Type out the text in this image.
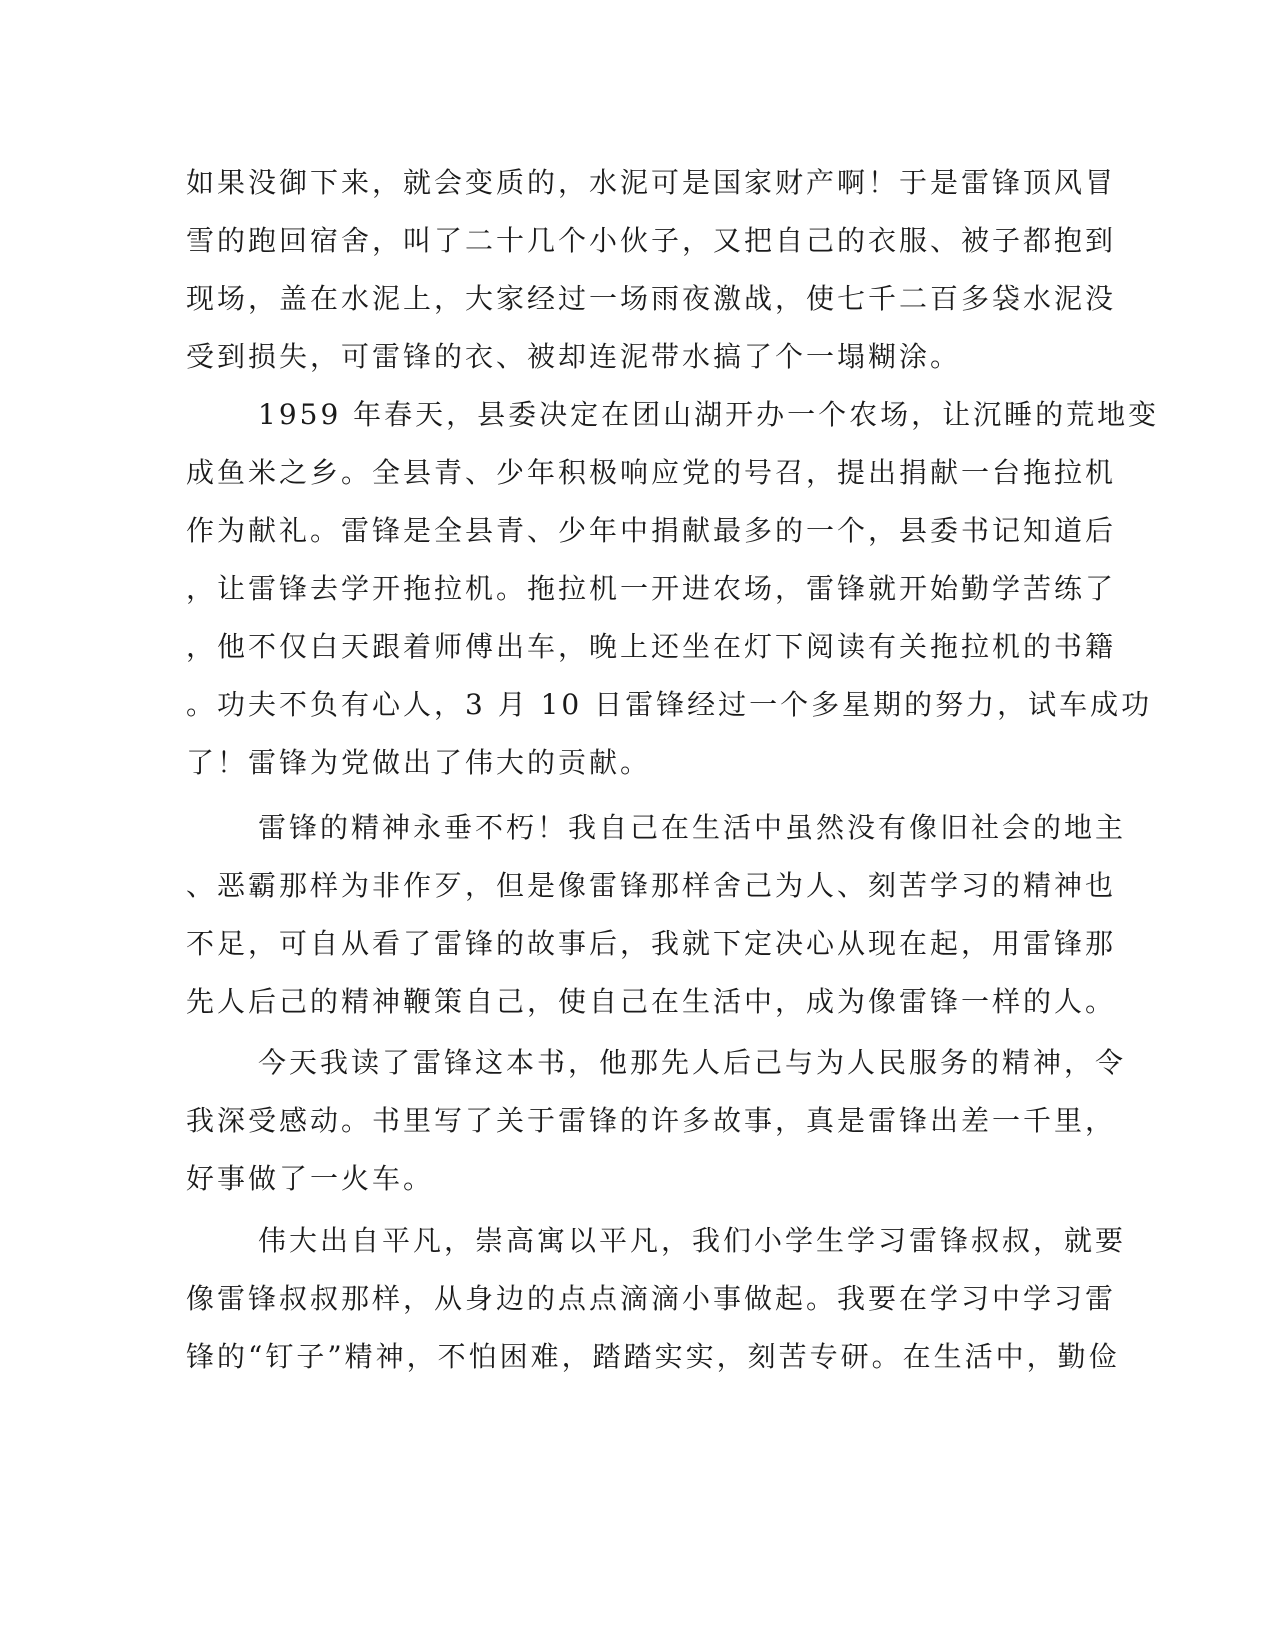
如果没御下来，就会变质的，水泥可是国家财产啊！于是雷锋顶风冒
雪的跑回宿舍，叫了二十几个小伙子，又把自己的衣服、被子都抱到
现场，盖在水泥上，大家经过一场雨夜激战，使七千二百多袋水泥没
受到损失，可雷锋的衣、被却连泥带水搞了个一塌糊涂。
1959 年春天，县委决定在团山湖开办一个农场，让沉睡的荒地变
成鱼米之乡。全县青、少年积极响应党的号召，提出捐献一台拖拉机
作为献礼。雷锋是全县青、少年中捐献最多的一个，县委书记知道后
，让雷锋去学开拖拉机。拖拉机一开进农场，雷锋就开始勤学苦练了
，他不仅白天跟着师傅出车，晚上还坐在灯下阅读有关拖拉机的书籍
。功夫不负有心人，3 月 10 日雷锋经过一个多星期的努力，试车成功
了！雷锋为党做出了伟大的贡献。
雷锋的精神永垂不朽！我自己在生活中虽然没有像旧社会的地主
、恶霸那样为非作歹，但是像雷锋那样舍己为人、刻苦学习的精神也
不足，可自从看了雷锋的故事后，我就下定决心从现在起，用雷锋那
先人后己的精神鞭策自己，使自己在生活中，成为像雷锋一样的人。
今天我读了雷锋这本书，他那先人后己与为人民服务的精神，令
我深受感动。书里写了关于雷锋的许多故事，真是雷锋出差一千里，
好事做了一火车。
伟大出自平凡，崇高寓以平凡，我们小学生学习雷锋叔叔，就要
像雷锋叔叔那样，从身边的点点滴滴小事做起。我要在学习中学习雷
锋的“钉子”精神，不怕困难，踏踏实实，刻苦专研。在生活中，勤俭
